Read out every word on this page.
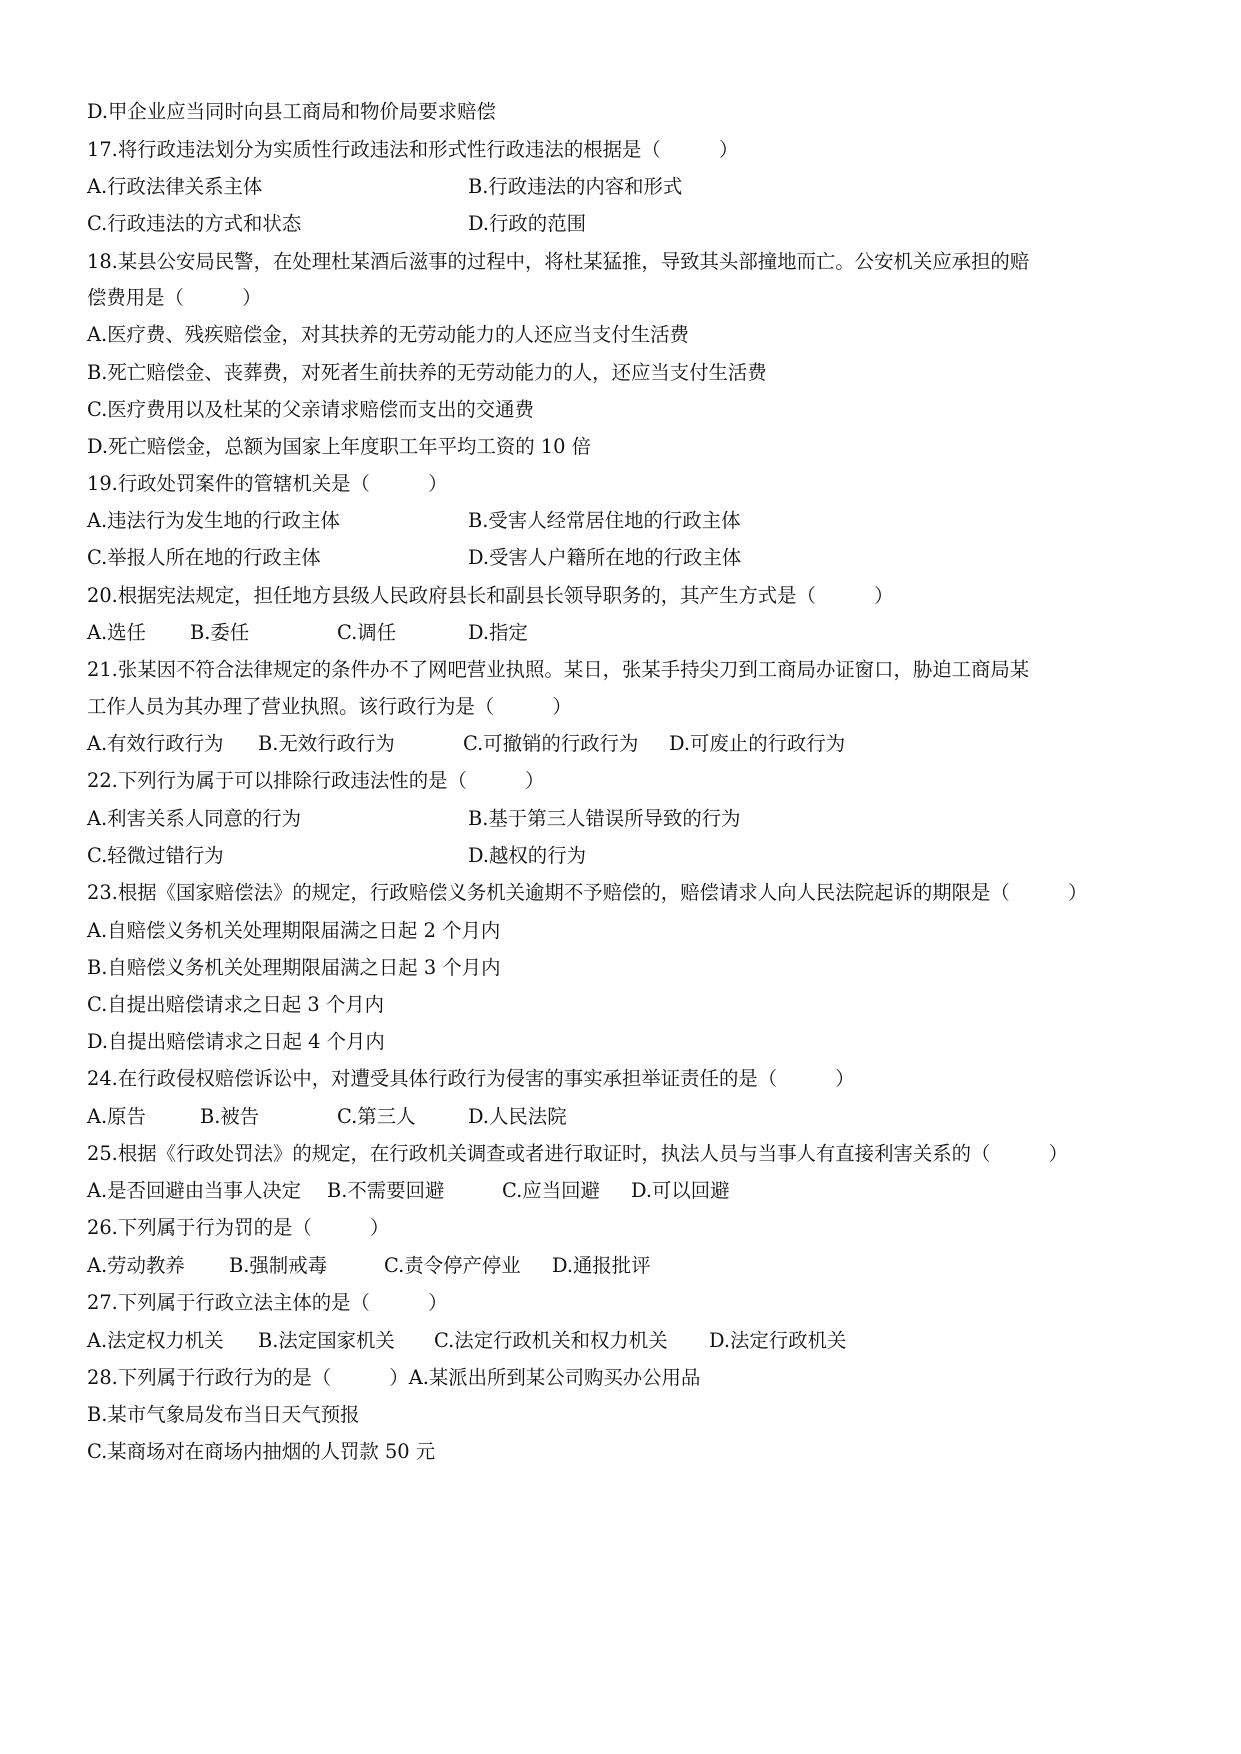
D.甲企业应当同时向县工商局和物价局要求赔偿
17.将行政违法划分为实质性行政违法和形式性行政违法的根据是（　　　）
A.行政法律关系主体	B.行政违法的内容和形式
C.行政违法的方式和状态	D.行政的范围
18.某县公安局民警，在处理杜某酒后滋事的过程中，将杜某猛推，导致其头部撞地而亡。公安机关应承担的赔
偿费用是（　　　）
A.医疗费、残疾赔偿金，对其扶养的无劳动能力的人还应当支付生活费
B.死亡赔偿金、丧葬费，对死者生前扶养的无劳动能力的人，还应当支付生活费
C.医疗费用以及杜某的父亲请求赔偿而支出的交通费
D.死亡赔偿金，总额为国家上年度职工年平均工资的 10 倍
19.行政处罚案件的管辖机关是（　　　）
A.违法行为发生地的行政主体	B.受害人经常居住地的行政主体
C.举报人所在地的行政主体	D.受害人户籍所在地的行政主体
20.根据宪法规定，担任地方县级人民政府县长和副县长领导职务的，其产生方式是（　　　）
A.选任 B.委任	C.调任	D.指定
21.张某因不符合法律规定的条件办不了网吧营业执照。某日，张某手持尖刀到工商局办证窗口，胁迫工商局某
工作人员为其办理了营业执照。该行政行为是（　　　）
A.有效行政行为 B.无效行政行为	C.可撤销的行政行为 D.可废止的行政行为
22.下列行为属于可以排除行政违法性的是（　　　）
A.利害关系人同意的行为	B.基于第三人错误所导致的行为
C.轻微过错行为	D.越权的行为
23.根据《国家赔偿法》的规定，行政赔偿义务机关逾期不予赔偿的，赔偿请求人向人民法院起诉的期限是（　　　）
A.自赔偿义务机关处理期限届满之日起 2 个月内
B.自赔偿义务机关处理期限届满之日起 3 个月内
C.自提出赔偿请求之日起 3 个月内
D.自提出赔偿请求之日起 4 个月内
24.在行政侵权赔偿诉讼中，对遭受具体行政行为侵害的事实承担举证责任的是（　　　）
A.原告	B.被告	C.第三人	D.人民法院
25.根据《行政处罚法》的规定，在行政机关调查或者进行取证时，执法人员与当事人有直接利害关系的（　　　）
A.是否回避由当事人决定 B.不需要回避	C.应当回避 D.可以回避
26.下列属于行为罚的是（　　　）
A.劳动教养 B.强制戒毒	C.责令停产停业 D.通报批评
27.下列属于行政立法主体的是（　　　）
A.法定权力机关 B.法定国家机关 C.法定行政机关和权力机关 D.法定行政机关
28.下列属于行政行为的是（　　　）A.某派出所到某公司购买办公用品
B.某市气象局发布当日天气预报
C.某商场对在商场内抽烟的人罚款 50 元
